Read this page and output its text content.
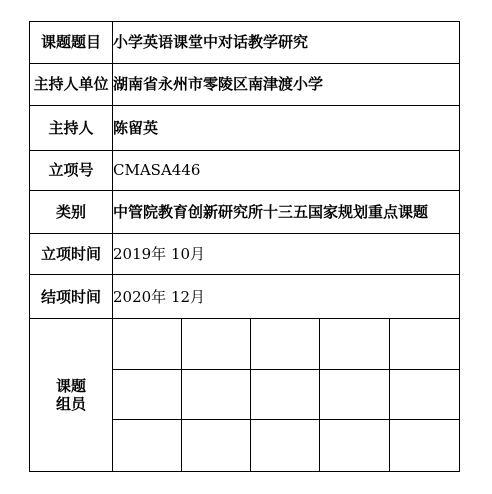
课题题目	小学英语课堂中对话教学研究				
主持人单位	湖南省永州市零陵区南津渡小学				
主持人	陈留英				
立项号	CMASA446				
类别	中管院教育创新研究所十三五国家规划重点课题				
立项时间	2019年 10月				
结项时间	2020年 12月				

课题
组员					
